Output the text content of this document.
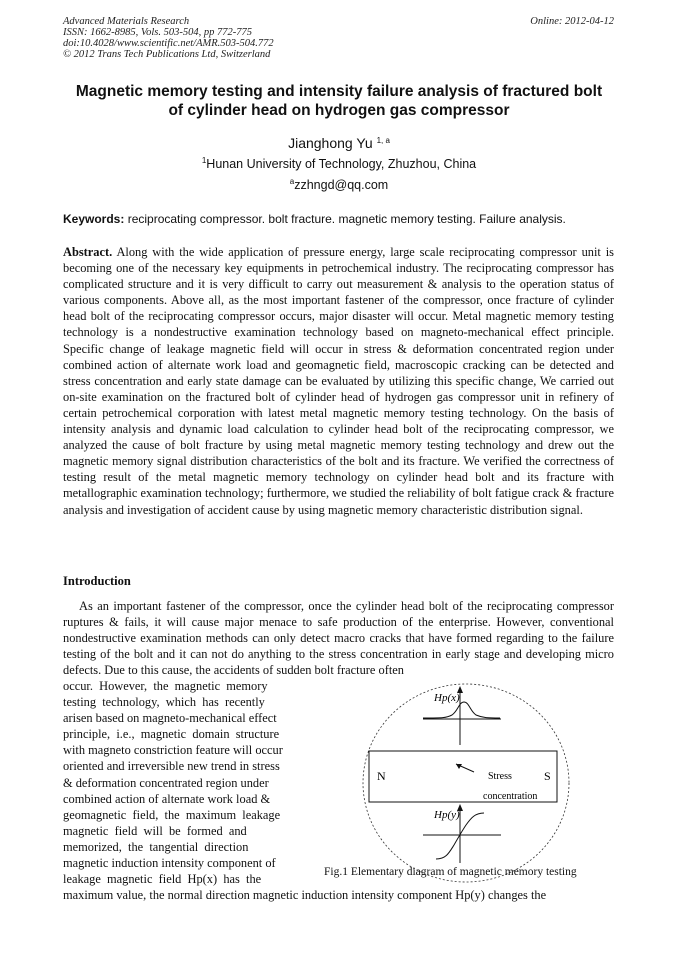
Advanced Materials Research
ISSN: 1662-8985, Vols. 503-504, pp 772-775
doi:10.4028/www.scientific.net/AMR.503-504.772
© 2012 Trans Tech Publications Ltd, Switzerland
Online: 2012-04-12
Magnetic memory testing and intensity failure analysis of fractured bolt
of cylinder head on hydrogen gas compressor
Jianghong Yu $^{1, a}$
$^1$Hunan University of Technology, Zhuzhou, China
$^a$zzhngd@qq.com
Keywords: reciprocating compressor. bolt fracture. magnetic memory testing. Failure analysis.
Abstract. Along with the wide application of pressure energy, large scale reciprocating compressor unit is becoming one of the necessary key equipments in petrochemical industry. The reciprocating compressor has complicated structure and it is very difficult to carry out measurement & analysis to the operation status of various components. Above all, as the most important fastener of the compressor, once fracture of cylinder head bolt of the reciprocating compressor occurs, major disaster will occur. Metal magnetic memory testing technology is a nondestructive examination technology based on magneto-mechanical effect principle. Specific change of leakage magnetic field will occur in stress & deformation concentrated region under combined action of alternate work load and geomagnetic field, macroscopic cracking can be detected and stress concentration and early state damage can be evaluated by utilizing this specific change, We carried out on-site examination on the fractured bolt of cylinder head of hydrogen gas compressor unit in refinery of certain petrochemical corporation with latest metal magnetic memory testing technology. On the basis of intensity analysis and dynamic load calculation to cylinder head bolt of the reciprocating compressor, we analyzed the cause of bolt fracture by using metal magnetic memory testing technology and drew out the magnetic memory signal distribution characteristics of the bolt and its fracture. We verified the correctness of testing result of the metal magnetic memory technology on cylinder head bolt and its fracture with metallographic examination technology; furthermore, we studied the reliability of bolt fatigue crack & fracture analysis and investigation of accident cause by using magnetic memory characteristic distribution signal.
Introduction
As an important fastener of the compressor, once the cylinder head bolt of the reciprocating compressor ruptures & fails, it will cause major menace to safe production of the enterprise. However, conventional nondestructive examination methods can only detect macro cracks that have formed regarding to the failure testing of the bolt and it can not do anything to the stress concentration in early stage and developing micro defects. Due to this cause, the accidents of sudden bolt fracture often
occur.  However,  the  magnetic  memory
testing  technology,  which  has  recently
arisen based on magneto-mechanical effect
principle,  i.e.,  magnetic  domain  structure
with magneto constriction feature will occur
oriented and irreversible new trend in stress
& deformation concentrated region under
combined action of alternate work load &
geomagnetic  field,  the  maximum  leakage
magnetic  field  will  be  formed  and
memorized,  the  tangential  direction
magnetic induction intensity component of
leakage  magnetic  field  Hp(x)  has  the
maximum value, the normal direction magnetic induction intensity component Hp(y) changes the
Hp(x)
N	S
Stress
concentration
Hp(y)
Fig.1 Elementary diagram of magnetic memory testing
